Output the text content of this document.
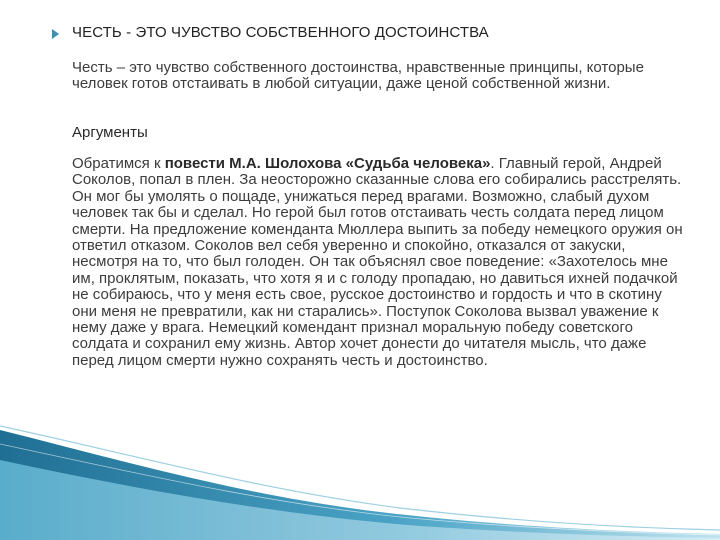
ЧЕСТЬ - ЭТО ЧУВСТВО СОБСТВЕННОГО ДОСТОИНСТВА

Честь – это чувство собственного достоинства, нравственные принципы, которые человек готов отстаивать в любой ситуации, даже ценой собственной жизни.

Аргументы

Обратимся к повести М.А. Шолохова «Судьба человека». Главный герой, Андрей Соколов, попал в плен. За неосторожно сказанные слова его собирались расстрелять. Он мог бы умолять о пощаде, унижаться перед врагами. Возможно, слабый духом человек так бы и сделал. Но герой был готов отстаивать честь солдата перед лицом смерти. На предложение коменданта Мюллера выпить за победу немецкого оружия он ответил отказом. Соколов вел себя уверенно и спокойно, отказался от закуски, несмотря на то, что был голоден. Он так объяснял свое поведение: «Захотелось мне им, проклятым, показать, что хотя я и с голоду пропадаю, но давиться ихней подачкой не собираюсь, что у меня есть свое, русское достоинство и гордость и что в скотину они меня не превратили, как ни старались». Поступок Соколова вызвал уважение к нему даже у врага. Немецкий комендант признал моральную победу советского солдата и сохранил ему жизнь. Автор хочет донести до читателя мысль, что даже перед лицом смерти нужно сохранять честь и достоинство.
